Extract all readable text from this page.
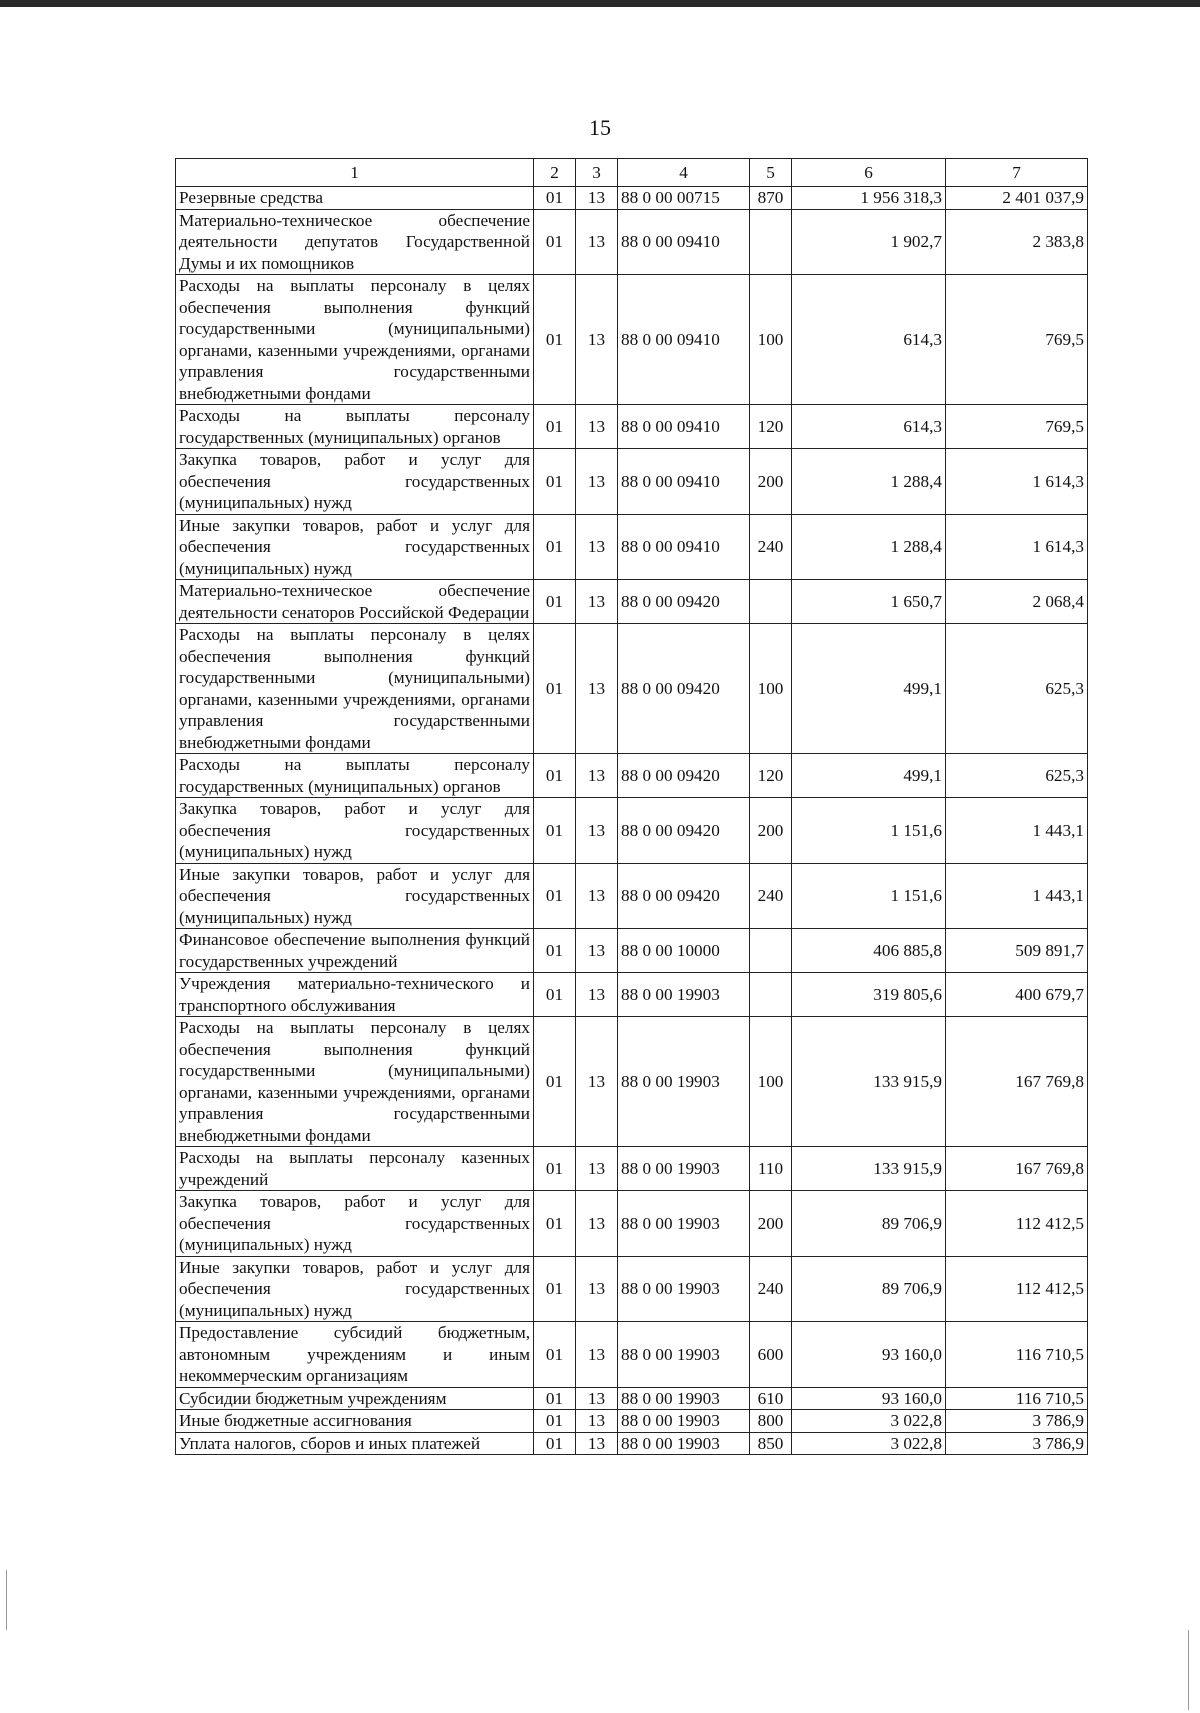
15
1	2	3	4	5	6	7
Резервные средства	01	13	88 0 00 00715	870	1 956 318,3	2 401 037,9
Материально-техническое обеспечение деятельности депутатов Государственной Думы и их помощников	01	13	88 0 00 09410		1 902,7	2 383,8
Расходы на выплаты персоналу в целях обеспечения выполнения функций государственными (муниципальными) органами, казенными учреждениями, органами управления государственными внебюджетными фондами	01	13	88 0 00 09410	100	614,3	769,5
Расходы на выплаты персоналу государственных (муниципальных) органов	01	13	88 0 00 09410	120	614,3	769,5
Закупка товаров, работ и услуг для обеспечения государственных (муниципальных) нужд	01	13	88 0 00 09410	200	1 288,4	1 614,3
Иные закупки товаров, работ и услуг для обеспечения государственных (муниципальных) нужд	01	13	88 0 00 09410	240	1 288,4	1 614,3
Материально-техническое обеспечение деятельности сенаторов Российской Федерации	01	13	88 0 00 09420		1 650,7	2 068,4
Расходы на выплаты персоналу в целях обеспечения выполнения функций государственными (муниципальными) органами, казенными учреждениями, органами управления государственными внебюджетными фондами	01	13	88 0 00 09420	100	499,1	625,3
Расходы на выплаты персоналу государственных (муниципальных) органов	01	13	88 0 00 09420	120	499,1	625,3
Закупка товаров, работ и услуг для обеспечения государственных (муниципальных) нужд	01	13	88 0 00 09420	200	1 151,6	1 443,1
Иные закупки товаров, работ и услуг для обеспечения государственных (муниципальных) нужд	01	13	88 0 00 09420	240	1 151,6	1 443,1
Финансовое обеспечение выполнения функций государственных учреждений	01	13	88 0 00 10000		406 885,8	509 891,7
Учреждения материально-технического и транспортного обслуживания	01	13	88 0 00 19903		319 805,6	400 679,7
Расходы на выплаты персоналу в целях обеспечения выполнения функций государственными (муниципальными) органами, казенными учреждениями, органами управления государственными внебюджетными фондами	01	13	88 0 00 19903	100	133 915,9	167 769,8
Расходы на выплаты персоналу казенных учреждений	01	13	88 0 00 19903	110	133 915,9	167 769,8
Закупка товаров, работ и услуг для обеспечения государственных (муниципальных) нужд	01	13	88 0 00 19903	200	89 706,9	112 412,5
Иные закупки товаров, работ и услуг для обеспечения государственных (муниципальных) нужд	01	13	88 0 00 19903	240	89 706,9	112 412,5
Предоставление субсидий бюджетным, автономным учреждениям и иным некоммерческим организациям	01	13	88 0 00 19903	600	93 160,0	116 710,5
Субсидии бюджетным учреждениям	01	13	88 0 00 19903	610	93 160,0	116 710,5
Иные бюджетные ассигнования	01	13	88 0 00 19903	800	3 022,8	3 786,9
Уплата налогов, сборов и иных платежей	01	13	88 0 00 19903	850	3 022,8	3 786,9
